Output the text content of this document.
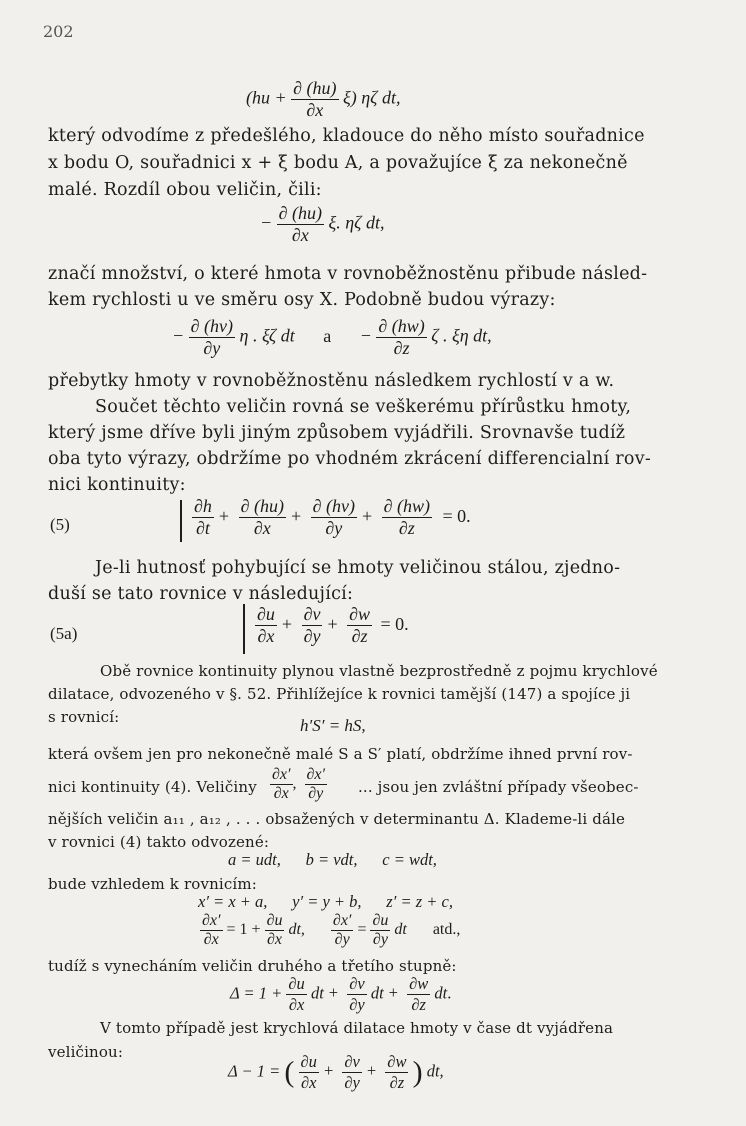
202
$(hu + \frac{\partial (hu)}{\partial x} \xi)$ ηζ dt,
který odvodíme z předešlého, kladouce do něho místo souřadnice
x bodu O, souřadnici x + ξ bodu A, a považujíce ξ za nekonečně
malé. Rozdíl obou veličin, čili:
− $\frac{\partial (hu)}{\partial x} \xi$. ηζ dt,
značí množství, o které hmota v rovnoběžnostěnu přibude násled-
kem rychlosti u ve směru osy X. Podobně budou výrazy:
− $\frac{\partial (hv)}{\partial y}$ η . ξζ dt $a - \frac{\partial (hw)}{\partial z}$ ζ . ξη dt,
přebytky hmoty v rovnoběžnostěnu následkem rychlostí v a w.
Součet těchto veličin rovná se veškerému přírůstku hmoty,
který jsme dříve byli jiným způsobem vyjádřili. Srovnavše tudíž
oba tyto výrazy, obdržíme po vhodném zkrácení differencialní rov-
nici kontinuity:
(5)	$\frac{\partial h}{\partial t} + \frac{\partial (hu)}{\partial x} + \frac{\partial (hv)}{\partial y} + \frac{\partial (hw)}{\partial z} = 0$.
Je-li hutnosť pohybující se hmoty veličinou stálou, zjedno-
duší se tato rovnice v následující:
(5a)	$\frac{\partial u}{\partial x} + \frac{\partial v}{\partial y} + \frac{\partial w}{\partial z} = 0$.
Obě rovnice kontinuity plynou vlastně bezprostředně z pojmu krychlové
dilatace, odvozeného v §. 52. Přihlížejíce k rovnici tamější (147) a spojíce ji
s rovnicí:	h′S′ = hS,
která ovšem jen pro nekonečně malé S a S′ platí, obdržíme ihned první rov-
nici kontinuity (4). Veličiny $\frac{\partial x'}{\partial x}$ , $\frac{\partial x'}{\partial y}$ ... jsou jen zvláštní případy všeobec-
nějších veličin a₁₁ , a₁₂ , . . . obsažených v determinantu Δ. Klademe-li dále
v rovnici (4) takto odvozené:
a = udt,      b = vdt,      c = wdt,
bude vzhledem k rovnicím:
x′ = x + a,      y′ = y + b,      z′ = z + c,
$\frac{\partial x'}{\partial x} = 1 + \frac{\partial u}{\partial x}$ dt, $\frac{\partial x'}{\partial y} = \frac{\partial u}{\partial y}$ dt atd.,
tudíž s vynecháním veličin druhého a třetího stupně:
$\Delta = 1 + \frac{\partial u}{\partial x}$ dt + $\frac{\partial v}{\partial y}$ dt + $\frac{\partial w}{\partial z}$ dt.
V tomto případě jest krychlová dilatace hmoty v čase dt vyjádřena
veličinou:
Δ − 1 = ( $\frac{\partial u}{\partial x} + \frac{\partial v}{\partial y} + \frac{\partial w}{\partial z}$ ) dt,
